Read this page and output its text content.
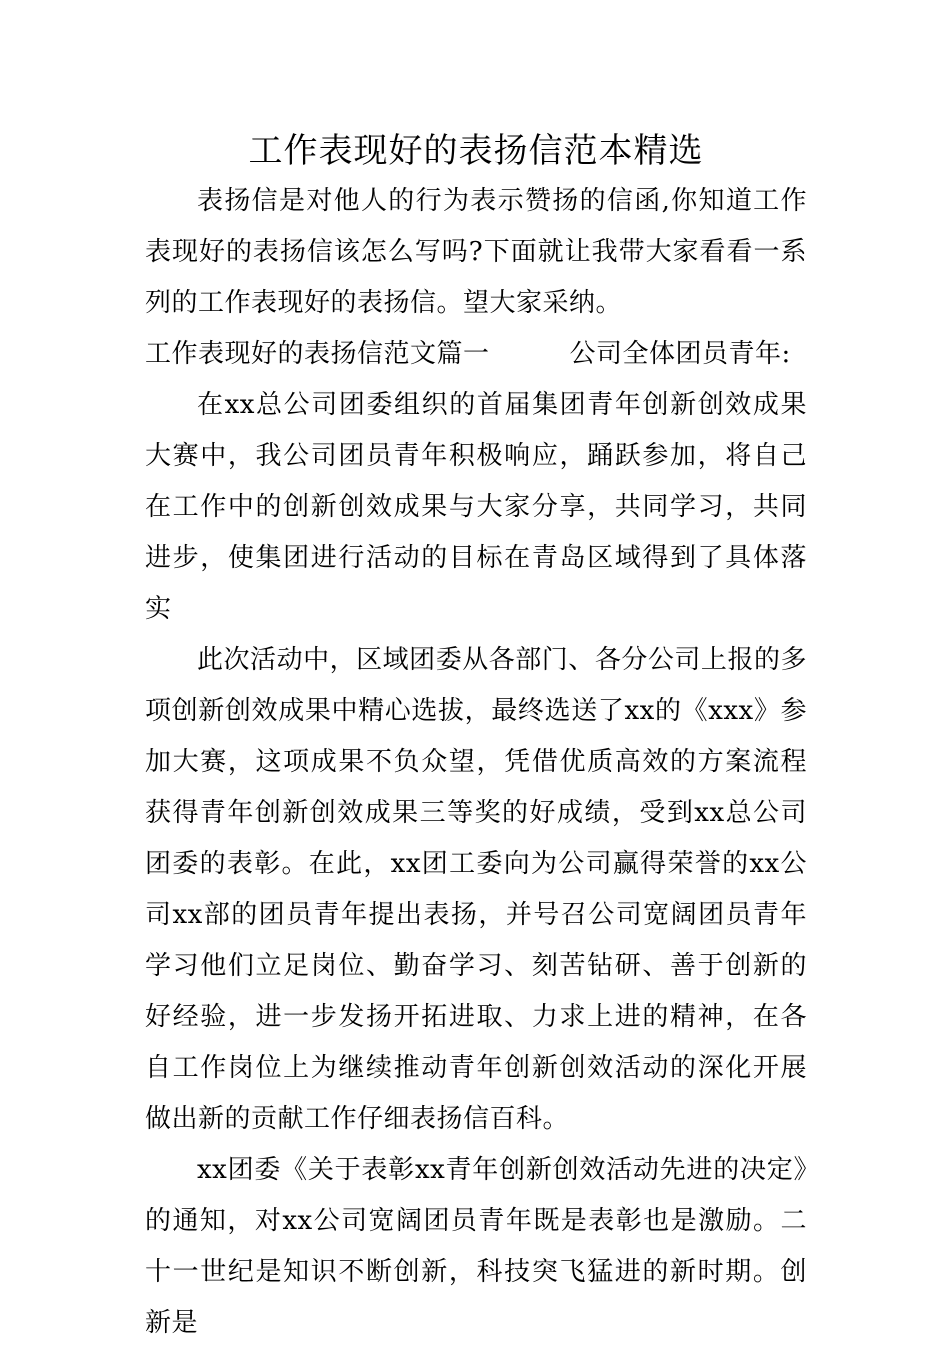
工作表现好的表扬信范本精选

表扬信是对他人的行为表示赞扬的信函,你知道工作表现好的表扬信该怎么写吗?下面就让我带大家看看一系列的工作表现好的表扬信。望大家采纳。

工作表现好的表扬信范文篇一	公司全体团员青年:

在xx总公司团委组织的首届集团青年创新创效成果大赛中，我公司团员青年积极响应，踊跃参加，将自己在工作中的创新创效成果与大家分享，共同学习，共同进步，使集团进行活动的目标在青岛区域得到了具体落实

此次活动中，区域团委从各部门、各分公司上报的多项创新创效成果中精心选拔，最终选送了xx的《xxx》参加大赛，这项成果不负众望，凭借优质高效的方案流程获得青年创新创效成果三等奖的好成绩，受到xx总公司团委的表彰。在此，xx团工委向为公司赢得荣誉的xx公司xx部的团员青年提出表扬，并号召公司宽阔团员青年学习他们立足岗位、勤奋学习、刻苦钻研、善于创新的好经验，进一步发扬开拓进取、力求上进的精神，在各自工作岗位上为继续推动青年创新创效活动的深化开展做出新的贡献工作仔细表扬信百科。

xx团委《关于表彰xx青年创新创效活动先进的决定》的通知，对xx公司宽阔团员青年既是表彰也是激励。二十一世纪是知识不断创新，科技突飞猛进的新时期。创新是
